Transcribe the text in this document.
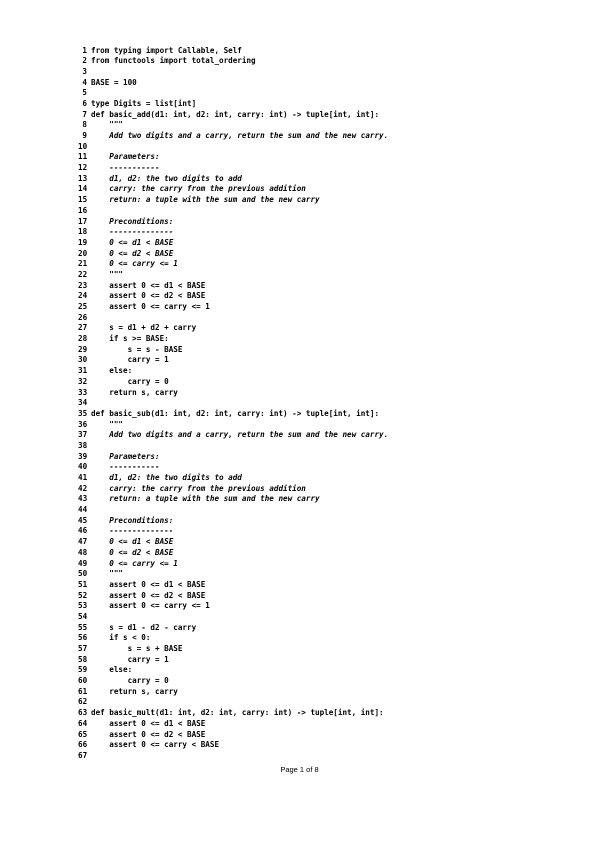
1 from typing import Callable, Self
2 from functools import total_ordering
3
4 BASE = 100
5
6 type Digits = list[int]
7 def basic_add(d1: int, d2: int, carry: int) -> tuple[int, int]:
8 """
9 Add two digits and a carry, return the sum and the new carry.
10
11 Parameters:
12 -----------
13 d1, d2: the two digits to add
14 carry: the carry from the previous addition
15 return: a tuple with the sum and the new carry
16
17 Preconditions:
18 --------------
19 0 <= d1 < BASE
20 0 <= d2 < BASE
21 0 <= carry <= 1
22 """
23 assert 0 <= d1 < BASE
24 assert 0 <= d2 < BASE
25 assert 0 <= carry <= 1
26
27 s = d1 + d2 + carry
28 if s >= BASE:
29 s = s - BASE
30 carry = 1
31 else:
32 carry = 0
33 return s, carry
34
35 def basic_sub(d1: int, d2: int, carry: int) -> tuple[int, int]:
36 """
37 Add two digits and a carry, return the sum and the new carry.
38
39 Parameters:
40 -----------
41 d1, d2: the two digits to add
42 carry: the carry from the previous addition
43 return: a tuple with the sum and the new carry
44
45 Preconditions:
46 --------------
47 0 <= d1 < BASE
48 0 <= d2 < BASE
49 0 <= carry <= 1
50 """
51 assert 0 <= d1 < BASE
52 assert 0 <= d2 < BASE
53 assert 0 <= carry <= 1
54
55 s = d1 - d2 - carry
56 if s < 0:
57 s = s + BASE
58 carry = 1
59 else:
60 carry = 0
61 return s, carry
62
63 def basic_mult(d1: int, d2: int, carry: int) -> tuple[int, int]:
64 assert 0 <= d1 < BASE
65 assert 0 <= d2 < BASE
66 assert 0 <= carry < BASE
67
Page 1 of 8
